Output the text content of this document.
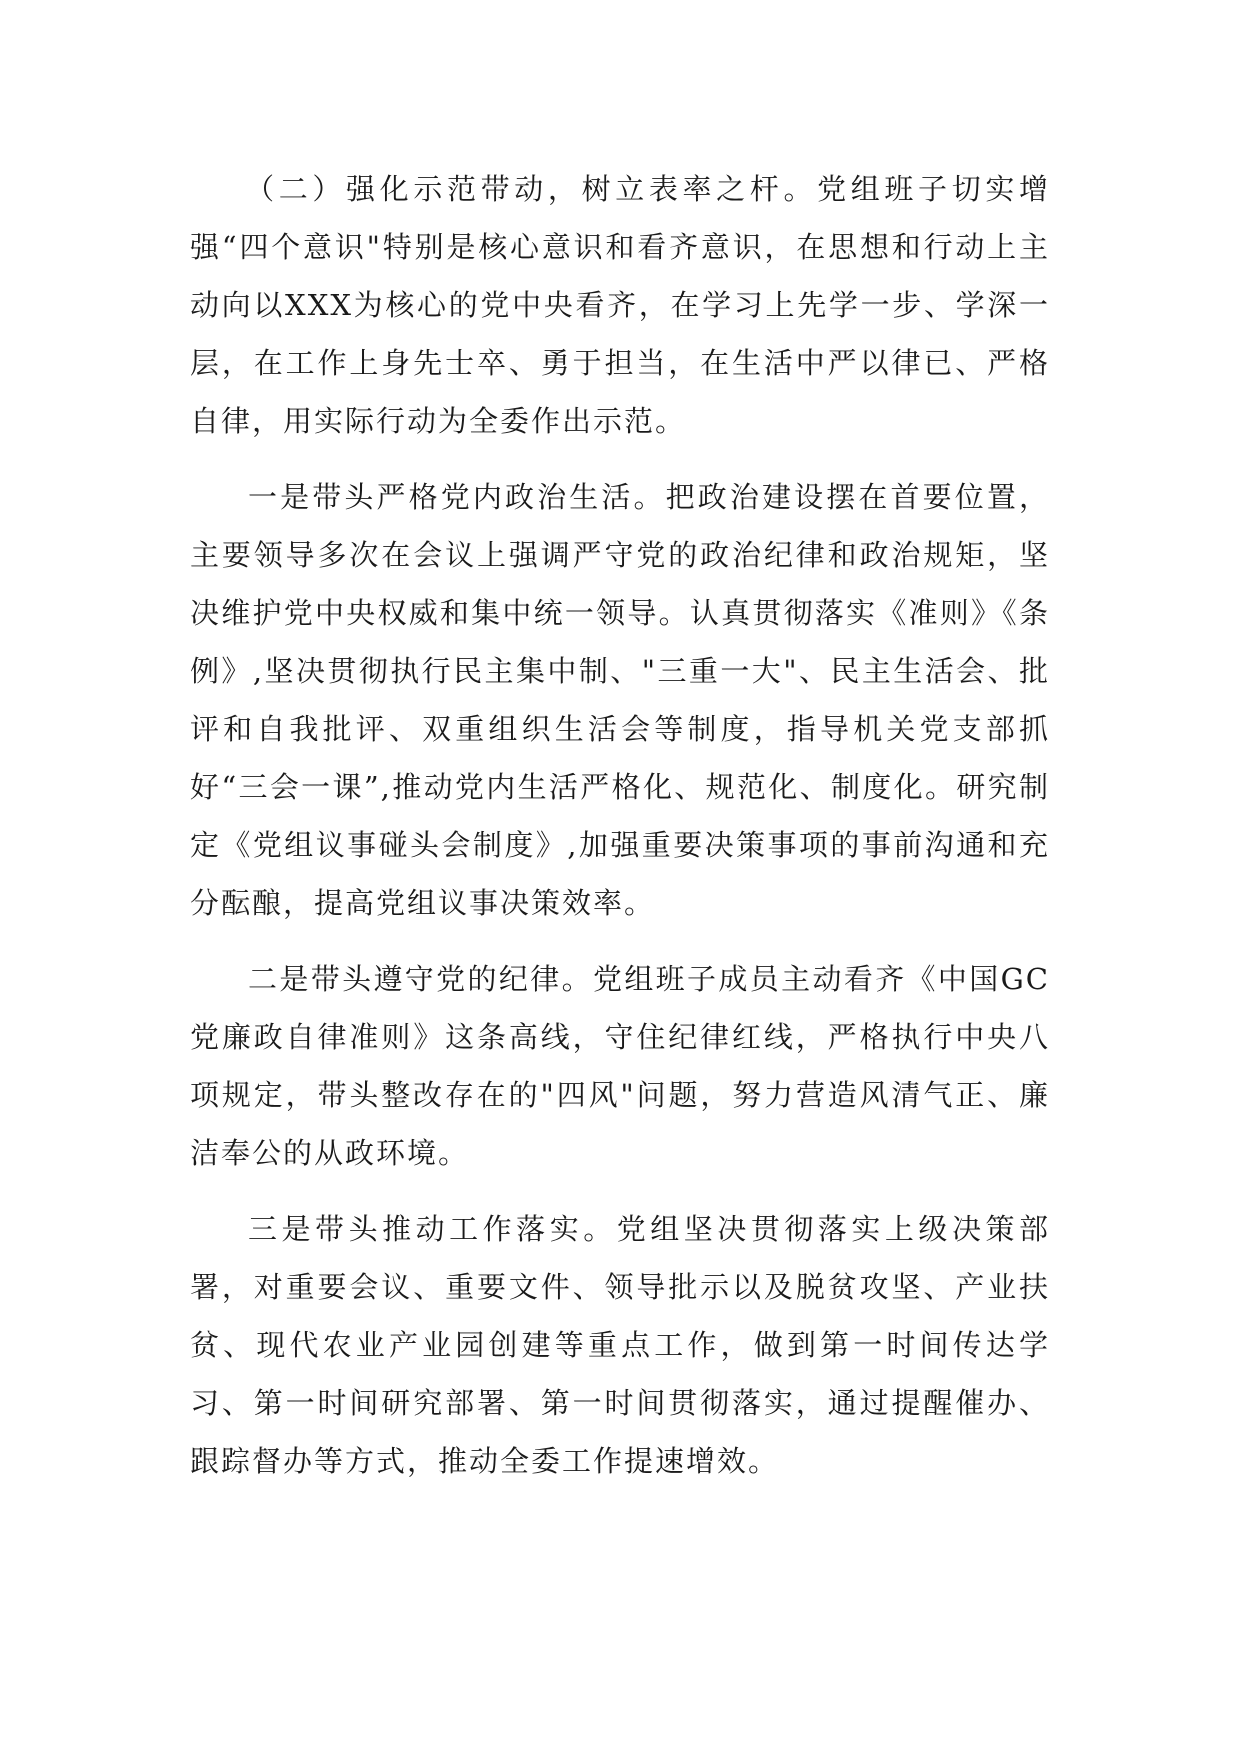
（二）强化示范带动，树立表率之杆。党组班子切实增强“四个意识"特别是核心意识和看齐意识，在思想和行动上主动向以XXX为核心的党中央看齐，在学习上先学一步、学深一层，在工作上身先士卒、勇于担当，在生活中严以律已、严格自律，用实际行动为全委作出示范。

一是带头严格党内政治生活。把政治建设摆在首要位置，主要领导多次在会议上强调严守党的政治纪律和政治规矩，坚决维护党中央权威和集中统一领导。认真贯彻落实《准则》《条例》,坚决贯彻执行民主集中制、"三重一大"、民主生活会、批评和自我批评、双重组织生活会等制度，指导机关党支部抓好“三会一课”,推动党内生活严格化、规范化、制度化。研究制定《党组议事碰头会制度》,加强重要决策事项的事前沟通和充分酝酿，提高党组议事决策效率。

二是带头遵守党的纪律。党组班子成员主动看齐《中国GC党廉政自律准则》这条高线，守住纪律红线，严格执行中央八项规定，带头整改存在的"四风"问题，努力营造风清气正、廉洁奉公的从政环境。

三是带头推动工作落实。党组坚决贯彻落实上级决策部署，对重要会议、重要文件、领导批示以及脱贫攻坚、产业扶贫、现代农业产业园创建等重点工作，做到第一时间传达学习、第一时间研究部署、第一时间贯彻落实，通过提醒催办、跟踪督办等方式，推动全委工作提速增效。
